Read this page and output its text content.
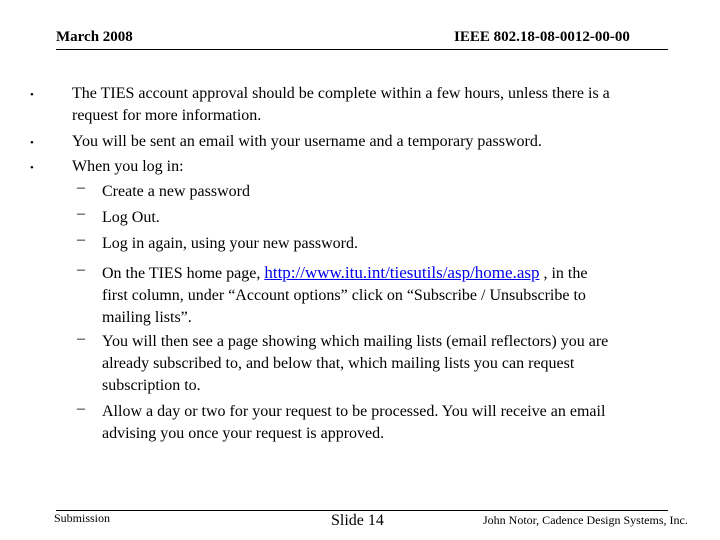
March 2008	IEEE 802.18-08-0012-00-00
• The TIES account approval should be complete within a few hours, unless there is a
request for more information.
• You will be sent an email with your username and a temporary password.
• When you log in:
– Create a new password
– Log Out.
– Log in again, using your new password.
– On the TIES home page, http://www.itu.int/tiesutils/asp/home.asp , in the
first column, under “Account options” click on “Subscribe / Unsubscribe to
mailing lists”.
– You will then see a page showing which mailing lists (email reflectors) you are
already subscribed to, and below that, which mailing lists you can request
subscription to.
– Allow a day or two for your request to be processed. You will receive an email
advising you once your request is approved.
Submission	Slide 14	John Notor, Cadence Design Systems, Inc.
